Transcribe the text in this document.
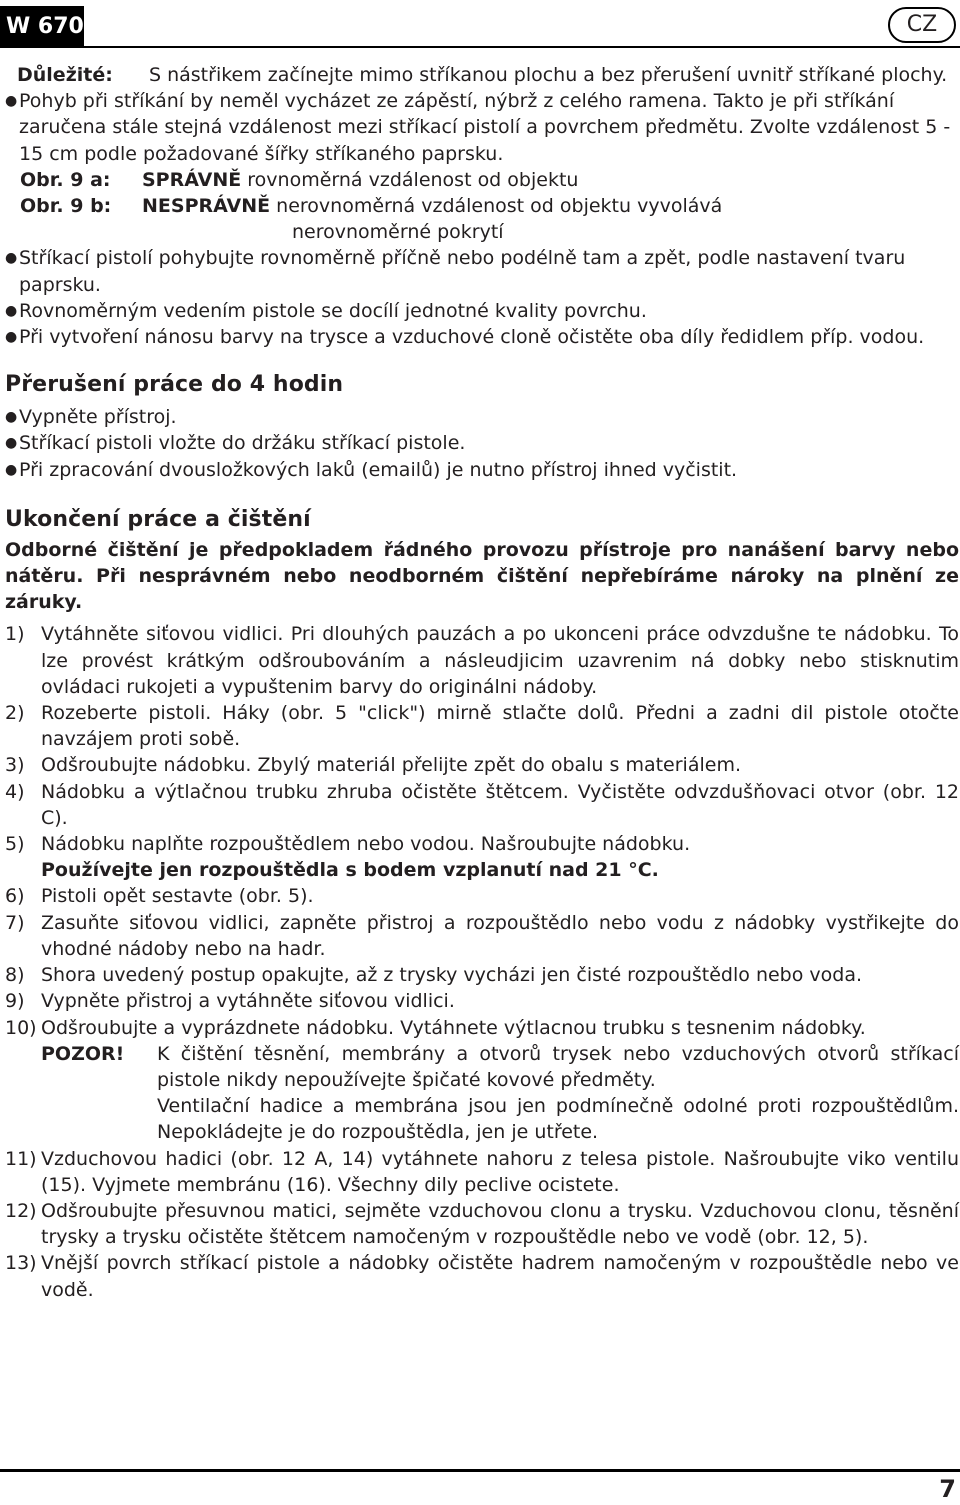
W 670	CZ
Důležité:	S nástřikem začínejte mimo stříkanou plochu a bez přerušení uvnitř stříkané plochy.
● Pohyb při stříkání by neměl vycházet ze zápěstí, nýbrž z celého ramena. Takto je při stříkání zaručena stále stejná vzdálenost mezi stříkací pistolí a povrchem předmětu. Zvolte vzdálenost 5 - 15 cm podle požadované šířky stříkaného paprsku.
Obr. 9 a:	SPRÁVNĚ rovnoměrná vzdálenost od objektu
Obr. 9 b:	NESPRÁVNĚ nerovnoměrná vzdálenost od objektu vyvolává
nerovnoměrné pokrytí
● Stříkací pistolí pohybujte rovnoměrně příčně nebo podélně tam a zpět, podle nastavení tvaru paprsku.
● Rovnoměrným vedením pistole se docílí jednotné kvality povrchu.
● Při vytvoření nánosu barvy na trysce a vzduchové cloně očistěte oba díly ředidlem příp. vodou.
Přerušení práce do 4 hodin
● Vypněte přístroj.
● Stříkací pistoli vložte do držáku stříkací pistole.
● Při zpracování dvousložkových laků (emailů) je nutno přístroj ihned vyčistit.
Ukončení práce a čištění
Odborné čištění je předpokladem řádného provozu přístroje pro nanášení barvy nebo nátěru. Při nesprávném nebo neodborném čištění nepřebíráme nároky na plnění ze záruky.
1) Vytáhněte siťovou vidlici. Pri dlouhých pauzách a po ukonceni práce odvzdušne te nádobku. To lze provést krátkým odšroubováním a násleudjicim uzavrenim ná dobky nebo stisknutim ovládaci rukojeti a vypuštenim barvy do originálni nádoby.
2) Rozeberte pistoli. Háky (obr. 5 "click") mirně stlačte dolů. Předni a zadni dil pistole otočte navzájem proti sobě.
3) Odšroubujte nádobku. Zbylý materiál přelijte zpět do obalu s materiálem.
4) Nádobku a výtlačnou trubku zhruba očistěte štětcem. Vyčistěte odvzdušňovaci otvor (obr. 12 C).
5) Nádobku naplňte rozpouštědlem nebo vodou. Našroubujte nádobku.
Používejte jen rozpouštědla s bodem vzplanutí nad 21 °C.
6) Pistoli opět sestavte (obr. 5).
7) Zasuňte siťovou vidlici, zapněte přistroj a rozpouštědlo nebo vodu z nádobky vystřikejte do vhodné nádoby nebo na hadr.
8) Shora uvedený postup opakujte, až z trysky vycházi jen čisté rozpouštědlo nebo voda.
9) Vypněte přistroj a vytáhněte siťovou vidlici.
10) Odšroubujte a vyprázdnete nádobku. Vytáhnete výtlacnou trubku s tesnenim nádobky.
POZOR!	K čištění těsnění, membrány a otvorů trysek nebo vzduchových otvorů stříkací pistole nikdy nepoužívejte špičaté kovové předměty.
Ventilační hadice a membrána jsou jen podmínečně odolné proti rozpouštědlům. Nepokládejte je do rozpouštědla, jen je utřete.
11) Vzduchovou hadici (obr. 12 A, 14) vytáhnete nahoru z telesa pistole. Našroubujte viko ventilu (15). Vyjmete membránu (16). Všechny dily peclive ocistete.
12) Odšroubujte přesuvnou matici, sejměte vzduchovou clonu a trysku. Vzduchovou clonu, těsnění trysky a trysku očistěte štětcem namočeným v rozpouštědle nebo ve vodě (obr. 12, 5).
13) Vnější povrch stříkací pistole a nádobky očistěte hadrem namočeným v rozpouštědle nebo ve vodě.
7
